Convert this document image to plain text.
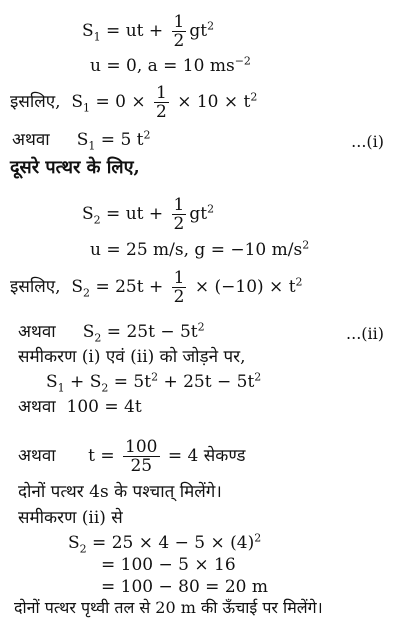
$S_1$ = ut + $\frac{1}{2} gt^2$
u = 0, a = 10 $ms^{-2}$
इसलिए, $S_1 = 0 \times \frac{1}{2} \times 10 \times t^2$
अथवा $S_1 = 5$ $t^2$	...(i)
दूसरे पत्थर के लिए,
$S_2$ = ut + $\frac{1}{2} gt^2$
u = 25 m/s, g = −10 $m/s^2$
इसलिए, $S_2 = 25t + \frac{1}{2} \times (-10) \times t^2$
अथवा $S_2 = 25t - 5t^2$	...(ii)
समीकरण (i) एवं (ii) को जोड़ने पर,
$S_1 + S_2 = 5t^2 + 25t - 5t^2$
अथवा 100 = 4t
अथवा $t = \frac{100}{25} = 4$ सेकण्ड
दोनों पत्थर 4s के पश्चात् मिलेंगे।
समीकरण (ii) से
$S_2 = 25 \times 4 - 5 \times (4)^2$
= 100 − 5 × 16
= 100 − 80 = 20 m
दोनों पत्थर पृथ्वी तल से 20 m की ऊँचाई पर मिलेंगे।
